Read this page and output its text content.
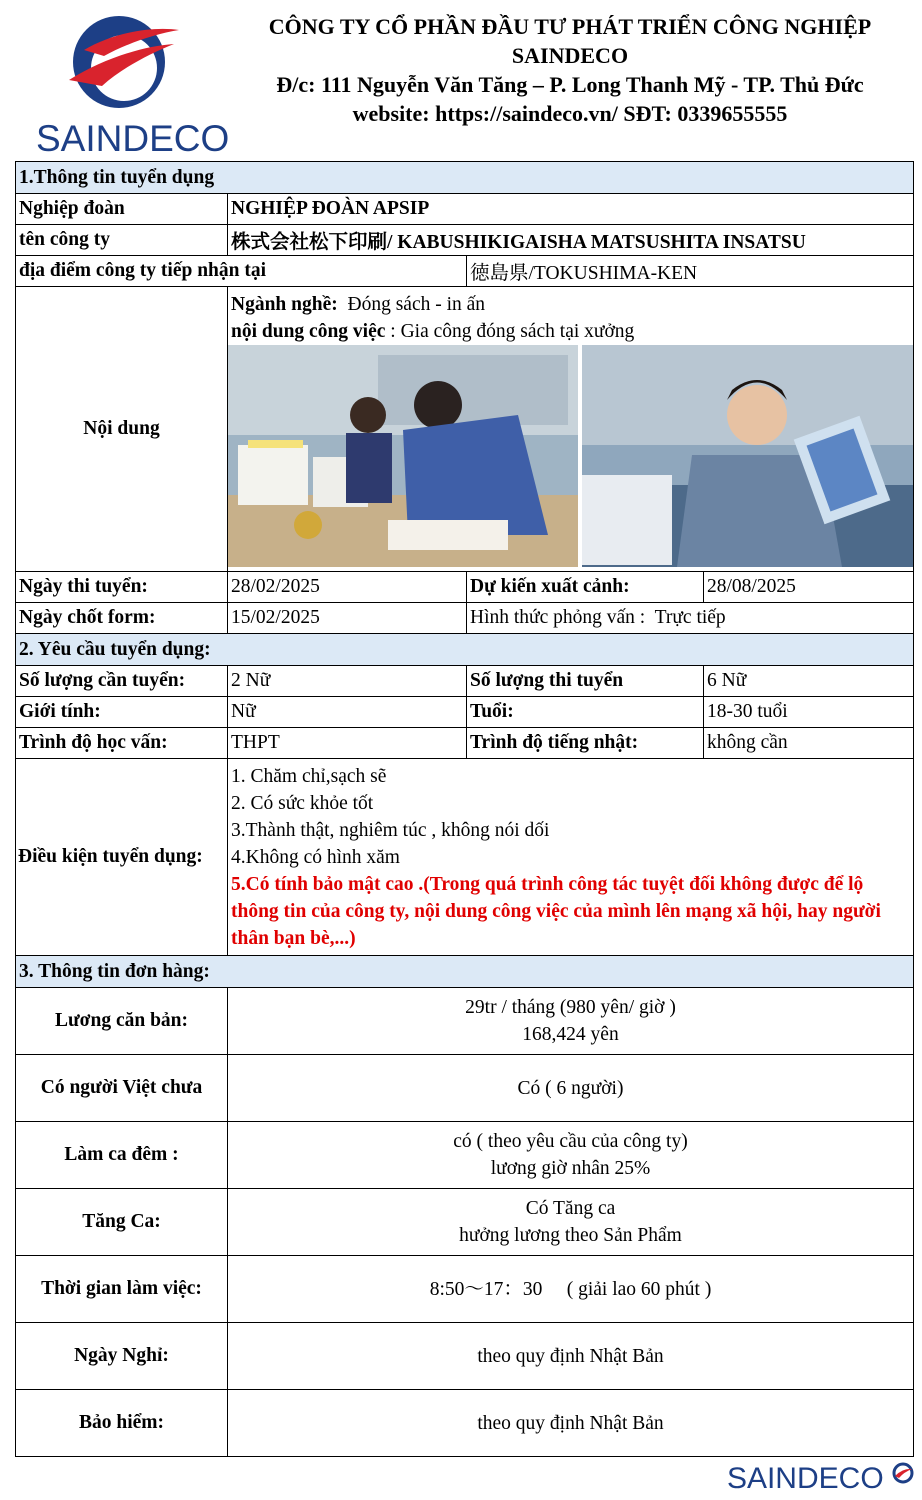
SAINDECO
CÔNG TY CỔ PHẦN ĐẦU TƯ PHÁT TRIỂN CÔNG NGHIỆP
SAINDECO
Đ/c: 111 Nguyễn Văn Tăng – P. Long Thanh Mỹ - TP. Thủ Đức
website: https://saindeco.vn/ SĐT: 0339655555
1.Thông tin tuyển dụng			
Nghiệp đoàn	NGHIỆP ĐOÀN APSIP		
tên công ty	株式会社松下印刷/ KABUSHIKIGAISHA MATSUSHITA INSATSU		
địa điểm công ty tiếp nhận tại		徳島県/TOKUSHIMA-KEN	
Nội dung	Ngành nghề: Đóng sách - in ấn
nội dung công việc : Gia công đóng sách tại xưởng		

Ngày thi tuyển:	28/02/2025	Dự kiến xuất cảnh:	28/08/2025
Ngày chốt form:	15/02/2025	Hình thức phỏng vấn : Trực tiếp	
2. Yêu cầu tuyển dụng:			
Số lượng cần tuyển:	2 Nữ	Số lượng thi tuyển	6 Nữ
Giới tính:	Nữ	Tuổi:	18-30 tuổi
Trình độ học vấn:	THPT	Trình độ tiếng nhật:	không cần
Điều kiện tuyển dụng:	1. Chăm chỉ,sạch sẽ
2. Có sức khỏe tốt
3.Thành thật, nghiêm túc , không nói dối
4.Không có hình xăm
5.Có tính bảo mật cao .(Trong quá trình công tác tuyệt đối không được để lộ thông tin của công ty, nội dung công việc của mình lên mạng xã hội, hay người thân bạn bè,...)		

3. Thông tin đơn hàng:			
Lương căn bản:	29tr / tháng (980 yên/ giờ )
168,424 yên		

Có người Việt chưa	Có ( 6 người)		

Làm ca đêm :	có ( theo yêu cầu của công ty)
lương giờ nhân 25%		

Tăng Ca:	Có Tăng ca
hưởng lương theo Sản Phẩm		

Thời gian làm việc:	8:50～17：30　 ( giải lao 60 phút )		

Ngày Nghỉ:	theo quy định Nhật Bản		

Bảo hiểm:	theo quy định Nhật Bản		
SAINDECO
